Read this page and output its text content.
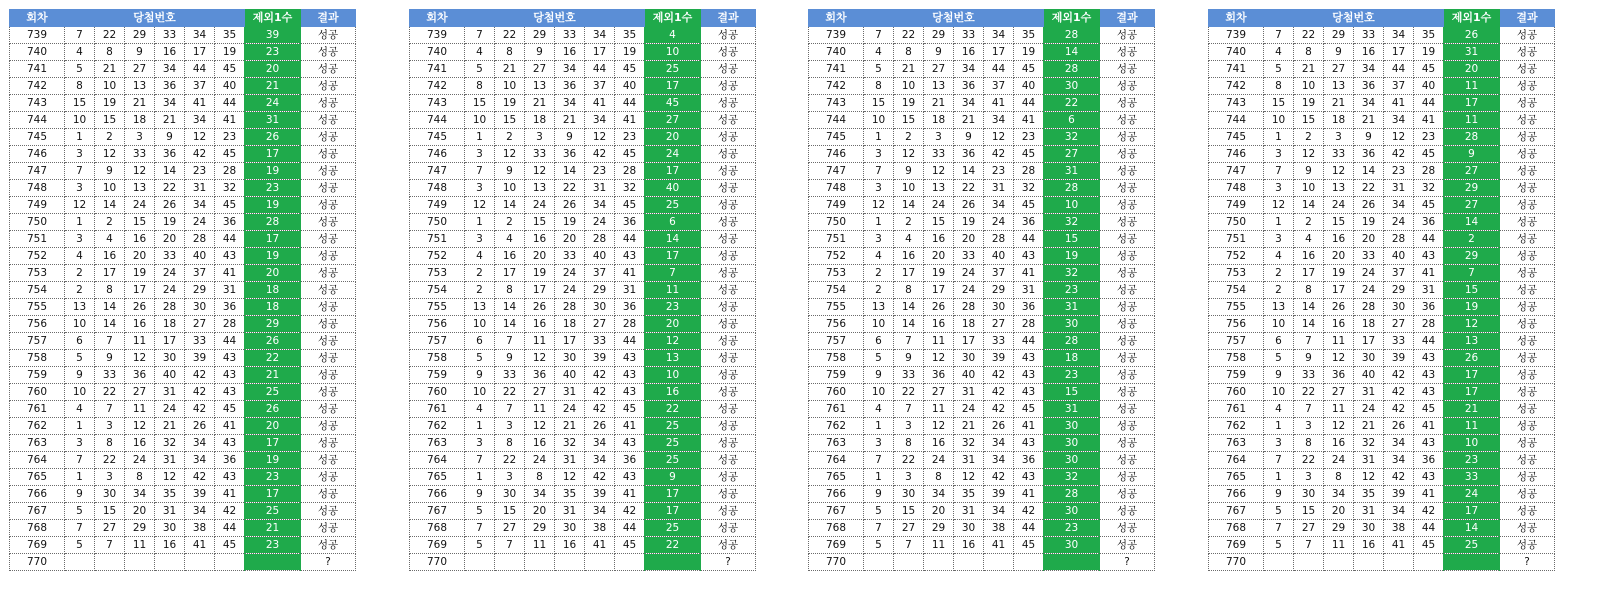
회차	당첨번호						제외1수	결과
739	7	22	29	33	34	35	39	성공
740	4	8	9	16	17	19	23	성공
741	5	21	27	34	44	45	20	성공
742	8	10	13	36	37	40	21	성공
743	15	19	21	34	41	44	24	성공
744	10	15	18	21	34	41	31	성공
745	1	2	3	9	12	23	26	성공
746	3	12	33	36	42	45	17	성공
747	7	9	12	14	23	28	19	성공
748	3	10	13	22	31	32	23	성공
749	12	14	24	26	34	45	19	성공
750	1	2	15	19	24	36	28	성공
751	3	4	16	20	28	44	17	성공
752	4	16	20	33	40	43	19	성공
753	2	17	19	24	37	41	20	성공
754	2	8	17	24	29	31	18	성공
755	13	14	26	28	30	36	18	성공
756	10	14	16	18	27	28	29	성공
757	6	7	11	17	33	44	26	성공
758	5	9	12	30	39	43	22	성공
759	9	33	36	40	42	43	21	성공
760	10	22	27	31	42	43	25	성공
761	4	7	11	24	42	45	26	성공
762	1	3	12	21	26	41	20	성공
763	3	8	16	32	34	43	17	성공
764	7	22	24	31	34	36	19	성공
765	1	3	8	12	42	43	23	성공
766	9	30	34	35	39	41	17	성공
767	5	15	20	31	34	42	25	성공
768	7	27	29	30	38	44	21	성공
769	5	7	11	16	41	45	23	성공
770								?
회차	당첨번호						제외1수	결과
739	7	22	29	33	34	35	4	성공
740	4	8	9	16	17	19	10	성공
741	5	21	27	34	44	45	25	성공
742	8	10	13	36	37	40	17	성공
743	15	19	21	34	41	44	45	성공
744	10	15	18	21	34	41	27	성공
745	1	2	3	9	12	23	20	성공
746	3	12	33	36	42	45	24	성공
747	7	9	12	14	23	28	17	성공
748	3	10	13	22	31	32	40	성공
749	12	14	24	26	34	45	25	성공
750	1	2	15	19	24	36	6	성공
751	3	4	16	20	28	44	14	성공
752	4	16	20	33	40	43	17	성공
753	2	17	19	24	37	41	7	성공
754	2	8	17	24	29	31	11	성공
755	13	14	26	28	30	36	23	성공
756	10	14	16	18	27	28	20	성공
757	6	7	11	17	33	44	12	성공
758	5	9	12	30	39	43	13	성공
759	9	33	36	40	42	43	10	성공
760	10	22	27	31	42	43	16	성공
761	4	7	11	24	42	45	22	성공
762	1	3	12	21	26	41	25	성공
763	3	8	16	32	34	43	25	성공
764	7	22	24	31	34	36	25	성공
765	1	3	8	12	42	43	9	성공
766	9	30	34	35	39	41	17	성공
767	5	15	20	31	34	42	17	성공
768	7	27	29	30	38	44	25	성공
769	5	7	11	16	41	45	22	성공
770								?
회차	당첨번호						제외1수	결과
739	7	22	29	33	34	35	28	성공
740	4	8	9	16	17	19	14	성공
741	5	21	27	34	44	45	28	성공
742	8	10	13	36	37	40	30	성공
743	15	19	21	34	41	44	22	성공
744	10	15	18	21	34	41	6	성공
745	1	2	3	9	12	23	32	성공
746	3	12	33	36	42	45	27	성공
747	7	9	12	14	23	28	31	성공
748	3	10	13	22	31	32	28	성공
749	12	14	24	26	34	45	10	성공
750	1	2	15	19	24	36	32	성공
751	3	4	16	20	28	44	15	성공
752	4	16	20	33	40	43	19	성공
753	2	17	19	24	37	41	32	성공
754	2	8	17	24	29	31	23	성공
755	13	14	26	28	30	36	31	성공
756	10	14	16	18	27	28	30	성공
757	6	7	11	17	33	44	28	성공
758	5	9	12	30	39	43	18	성공
759	9	33	36	40	42	43	23	성공
760	10	22	27	31	42	43	15	성공
761	4	7	11	24	42	45	31	성공
762	1	3	12	21	26	41	30	성공
763	3	8	16	32	34	43	30	성공
764	7	22	24	31	34	36	30	성공
765	1	3	8	12	42	43	32	성공
766	9	30	34	35	39	41	28	성공
767	5	15	20	31	34	42	30	성공
768	7	27	29	30	38	44	23	성공
769	5	7	11	16	41	45	30	성공
770								?
회차	당첨번호						제외1수	결과
739	7	22	29	33	34	35	26	성공
740	4	8	9	16	17	19	31	성공
741	5	21	27	34	44	45	20	성공
742	8	10	13	36	37	40	11	성공
743	15	19	21	34	41	44	17	성공
744	10	15	18	21	34	41	11	성공
745	1	2	3	9	12	23	28	성공
746	3	12	33	36	42	45	9	성공
747	7	9	12	14	23	28	27	성공
748	3	10	13	22	31	32	29	성공
749	12	14	24	26	34	45	27	성공
750	1	2	15	19	24	36	14	성공
751	3	4	16	20	28	44	2	성공
752	4	16	20	33	40	43	29	성공
753	2	17	19	24	37	41	7	성공
754	2	8	17	24	29	31	15	성공
755	13	14	26	28	30	36	19	성공
756	10	14	16	18	27	28	12	성공
757	6	7	11	17	33	44	13	성공
758	5	9	12	30	39	43	26	성공
759	9	33	36	40	42	43	17	성공
760	10	22	27	31	42	43	17	성공
761	4	7	11	24	42	45	21	성공
762	1	3	12	21	26	41	11	성공
763	3	8	16	32	34	43	10	성공
764	7	22	24	31	34	36	23	성공
765	1	3	8	12	42	43	33	성공
766	9	30	34	35	39	41	24	성공
767	5	15	20	31	34	42	17	성공
768	7	27	29	30	38	44	14	성공
769	5	7	11	16	41	45	25	성공
770								?
